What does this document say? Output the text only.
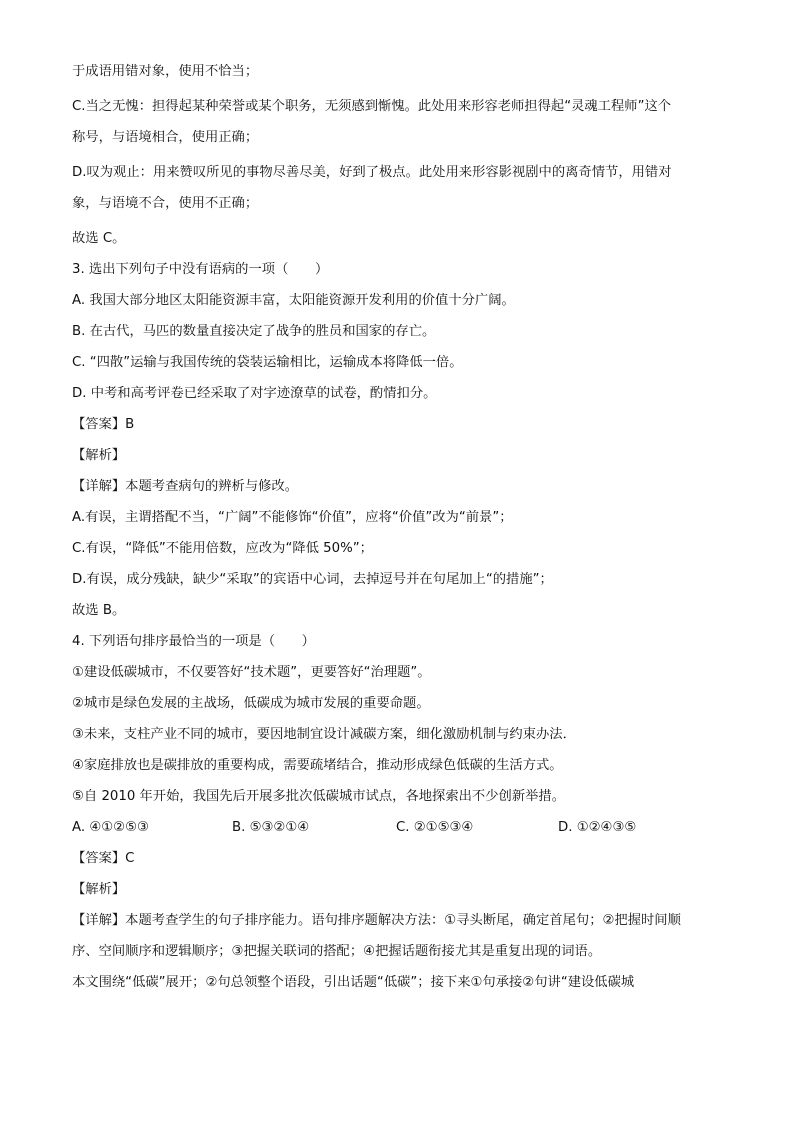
于成语用错对象，使用不恰当；

C.当之无愧：担得起某种荣誉或某个职务，无须感到惭愧。此处用来形容老师担得起“灵魂工程师”这个

称号，与语境相合，使用正确；

D.叹为观止：用来赞叹所见的事物尽善尽美，好到了极点。此处用来形容影视剧中的离奇情节，用错对

象，与语境不合，使用不正确；

故选 C。

3. 选出下列句子中没有语病的一项（　　）

A. 我国大部分地区太阳能资源丰富，太阳能资源开发利用的价值十分广阔。

B. 在古代，马匹的数量直接决定了战争的胜员和国家的存亡。

C. “四散”运输与我国传统的袋装运输相比，运输成本将降低一倍。

D. 中考和高考评卷已经采取了对字迹潦草的试卷，酌情扣分。

【答案】B

【解析】

【详解】本题考查病句的辨析与修改。

A.有误，主谓搭配不当，“广阔”不能修饰“价值”，应将“价值”改为“前景”；

C.有误，“降低”不能用倍数，应改为“降低 50%”；

D.有误，成分残缺，缺少“采取”的宾语中心词，去掉逗号并在句尾加上“的措施”；

故选 B。

4. 下列语句排序最恰当的一项是（　　）

①建设低碳城市，不仅要答好“技术题”，更要答好“治理题”。

②城市是绿色发展的主战场，低碳成为城市发展的重要命题。

③未来，支柱产业不同的城市，要因地制宜设计减碳方案，细化激励机制与约束办法．

④家庭排放也是碳排放的重要构成，需要疏堵结合，推动形成绿色低碳的生活方式。

⑤自 2010 年开始，我国先后开展多批次低碳城市试点，各地探索出不少创新举措。

A. ④①②⑤③	B. ⑤③②①④	C. ②①⑤③④	D. ①②④③⑤

【答案】C

【解析】

【详解】本题考查学生的句子排序能力。语句排序题解决方法：①寻头断尾，确定首尾句；②把握时间顺

序、空间顺序和逻辑顺序；③把握关联词的搭配；④把握话题衔接尤其是重复出现的词语。

本文围绕“低碳”展开；②句总领整个语段，引出话题“低碳”；接下来①句承接②句讲“建设低碳城
